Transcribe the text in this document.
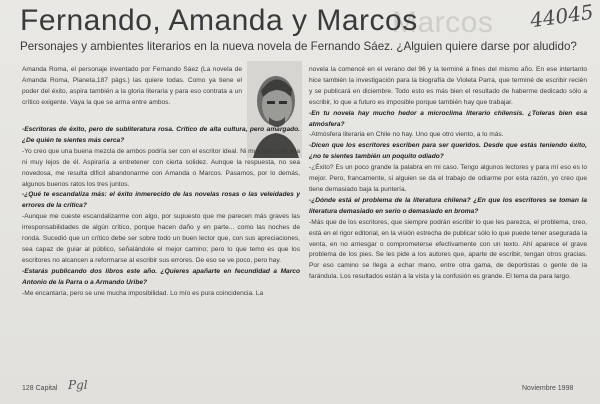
Marcos
Fernando, Amanda y Marcos	44045
Personajes y ambientes literarios en la nueva novela de Fernando Sáez. ¿Alguien quiere darse por aludido?

Amanda Roma, el personaje inventado por Fernando Sáez (La novela de Amanda Roma, Planeta,187 págs.) las quiere todas. Como ya tiene el poder del éxito, aspira también a la gloria literaria y para eso contrata a un crítico exigente. Vaya la que se arma entre ambos.

-Escritoras de éxito, pero de subliteratura rosa. Crítico de alta cultura, pero amargado. ¿De quién te sientes más cerca?

-Yo creo que una buena mezcla de ambos podría ser con el escritor ideal. Ni muy cerca de ella ni muy lejos de él. Aspiraría a entretener con cierta solidez. Aunque la respuesta, no sea novedosa, me resulta difícil abandonarme con Amanda o Marcos. Pasamos, por lo demás, algunos buenos ratos los tres juntos.

-¿Qué te escandaliza más: el éxito inmerecido de las novelas rosas o las veleidades y errores de la crítica?

-Aunque me cueste escandalizarme con algo, por supuesto que me parecen más graves las irresponsabilidades de algún crítico, porque hacen daño y en parte... como las noches de ronda. Sucedió que un crítico debe ser sobre todo un buen lector que, con sus apreciaciones, sea capaz de guiar al público, señalándole el mejor camino; pero lo que temo es que los escritores no alcancen a reformarse al escribir sus errores. De eso se ve poco, pero hay.

-Estarás publicando dos libros este año. ¿Quieres apañarte en fecundidad a Marco Antonio de la Parra o a Armando Uribe?

-Me encantaría, pero se une mucha imposibilidad. Lo mío es pura coincidencia. La

novela la comencé en el verano del 96 y la terminé a fines del mismo año. En ese intertanto hice también la investigación para la biografía de Violeta Parra, que terminé de escribir recién y se publicará en diciembre. Todo esto es más bien el resultado de haberme dedicado sólo a escribir, lo que a futuro es imposible porque también hay que trabajar.

-En tu novela hay mucho hedor a microclima literario chilensis. ¿Toleras bien esa atmósfera?

-Atmósfera literaria en Chile no hay. Uno que otro viento, a lo más.

-Dicen que los escritores escriben para ser queridos. Desde que estás teniendo éxito, ¿no te sientes también un poquito odiado?

-¿Éxito? Es un poco grande la palabra en mi caso. Tengo algunos lectores y para mí eso es lo mejor. Pero, francamente, si alguien se da el trabajo de odiarme por esta razón, yo creo que tiene demasiado baja la puntería.

-¿Dónde está el problema de la literatura chilena? ¿En que los escritores se toman la literatura demasiado en serio o demasiado en broma?

-Más que de los escritores, que siempre podrán escribir lo que les parezca, el problema, creo, está en el rigor editorial, en la visión estrecha de publicar sólo lo que puede tener asegurada la venta, en no arriesgar o comprometerse efectivamente con un texto. Ahí aparece el grave problema de los pies. Se les pide a los autores que, aparte de escribir, tengan otros gracias. Por eso camino se llega a echar mano, entre otra gama, de deportistas o gente de la farándula. Los resultados están a la vista y la confusión es grande. El tema da para largo.

128 Capital Pgl	Noviembre 1998
